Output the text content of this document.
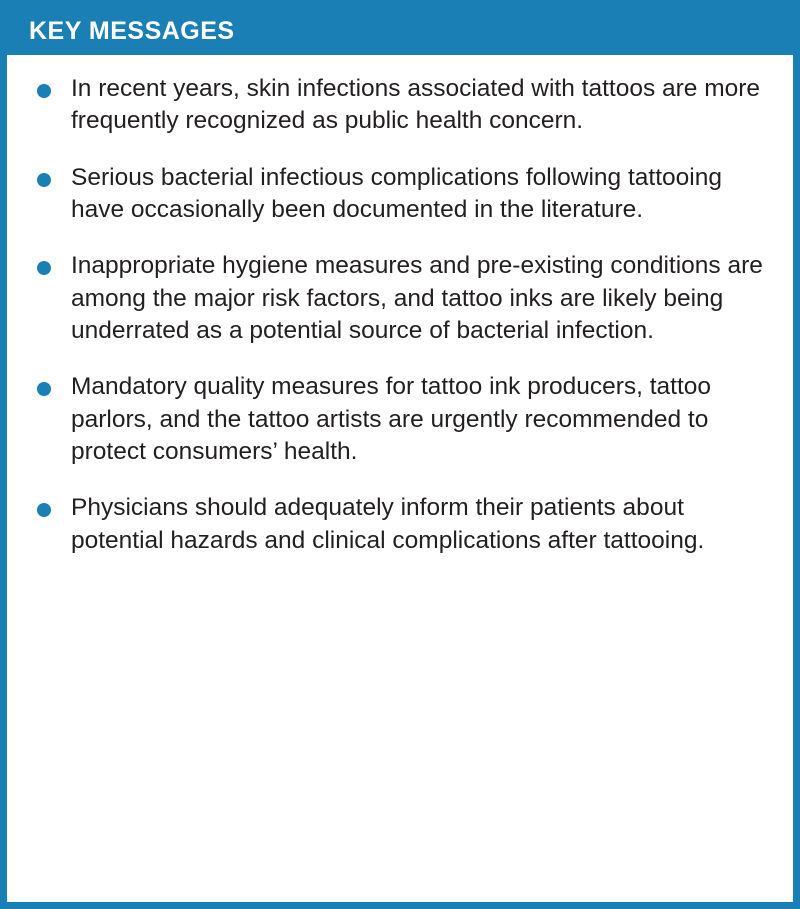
KEY MESSAGES
In recent years, skin infections associated with tattoos are more frequently recognized as public health concern.
Serious bacterial infectious complications following tattooing have occasionally been documented in the literature.
Inappropriate hygiene measures and pre-existing conditions are among the major risk factors, and tattoo inks are likely being underrated as a potential source of bacterial infection.
Mandatory quality measures for tattoo ink producers, tattoo parlors, and the tattoo artists are urgently recommended to protect consumers’ health.
Physicians should adequately inform their patients about potential hazards and clinical complications after tattooing.
